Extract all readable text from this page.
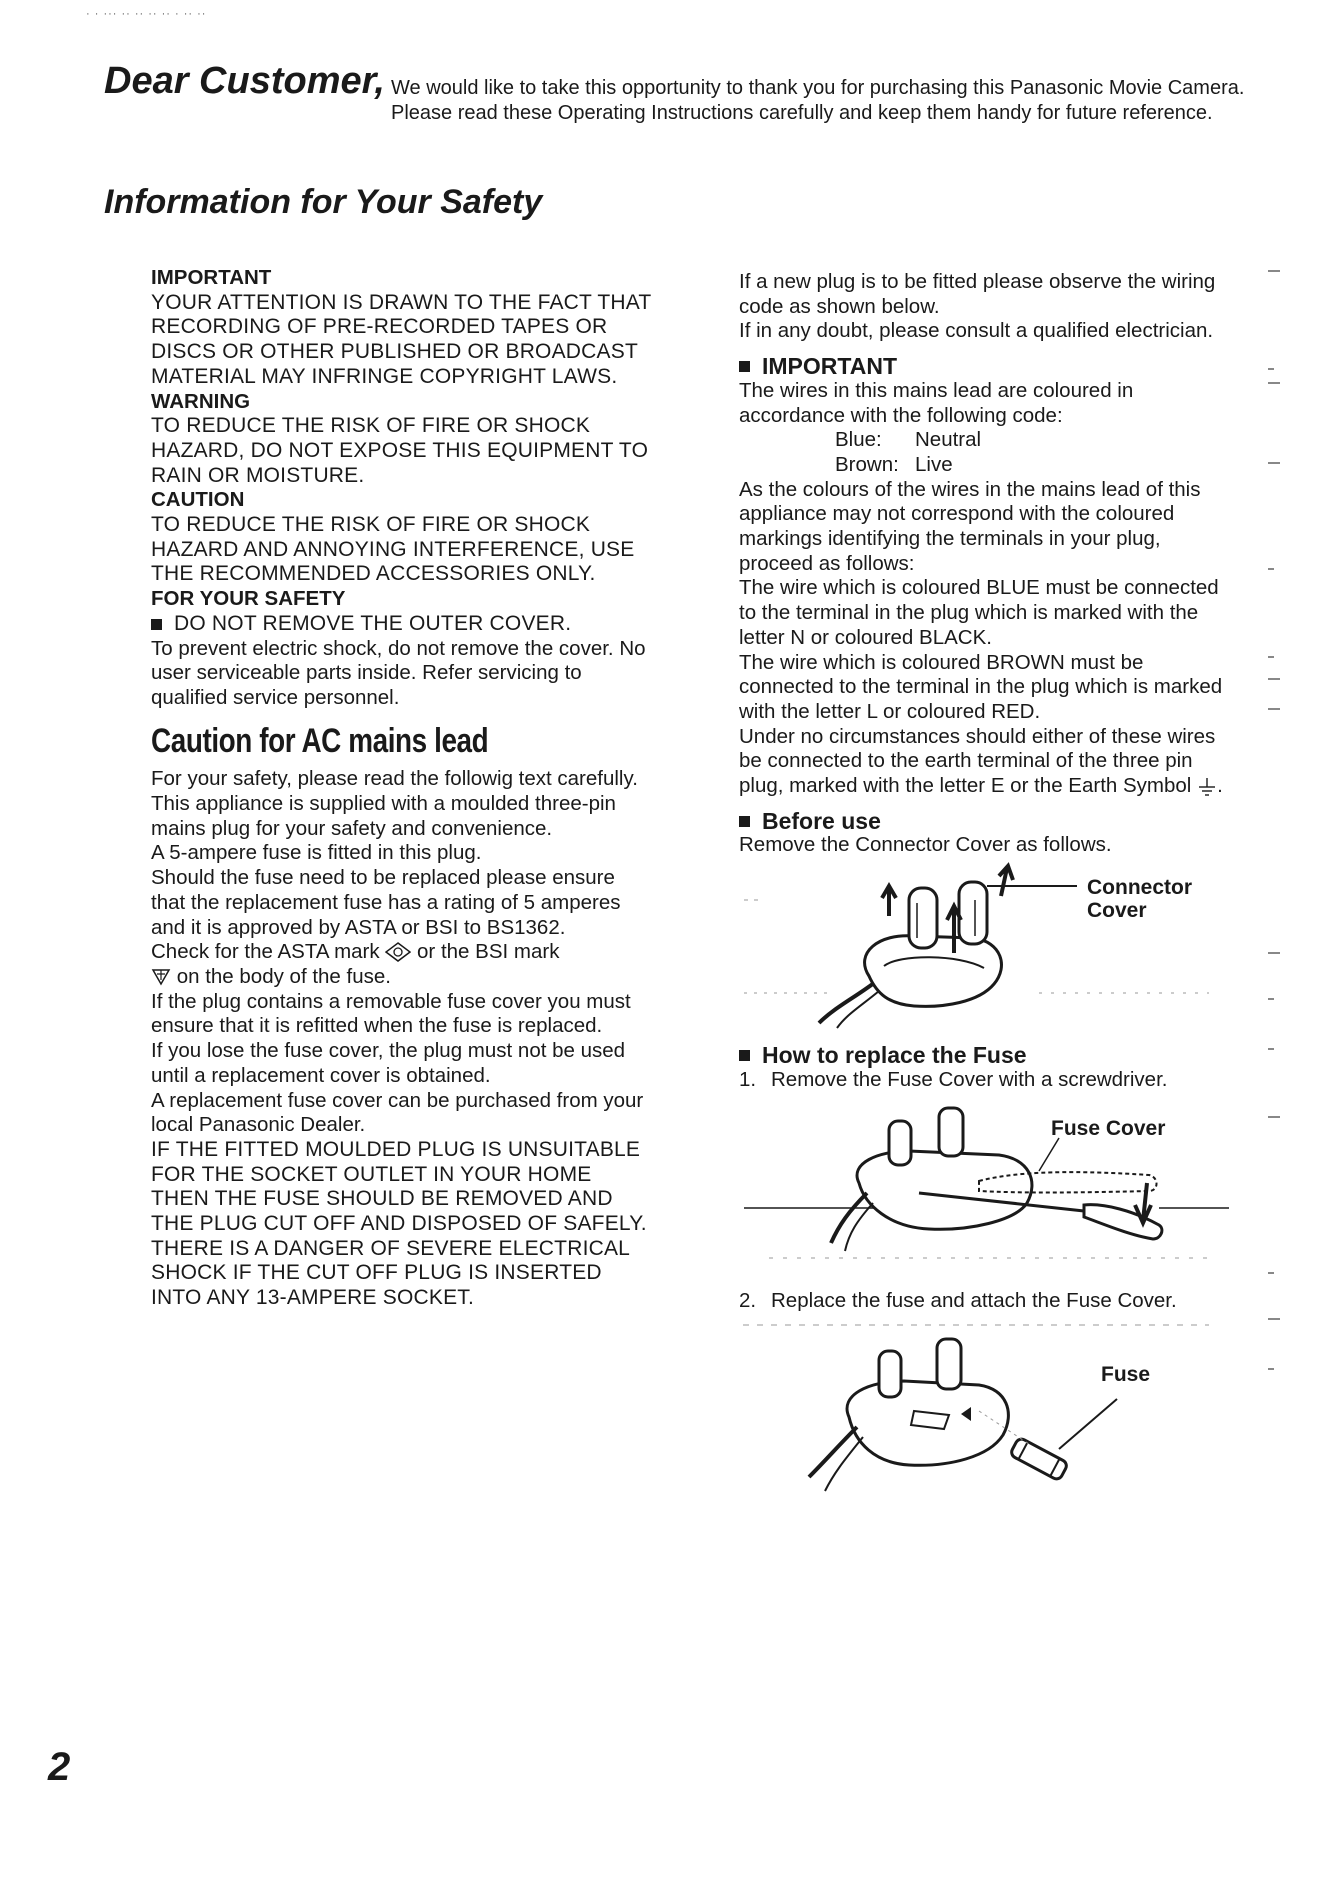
· · ··· ·· ·· ·· ·· · ·· ··
Dear Customer, We would like to take this opportunity to thank you for purchasing this Panasonic Movie Camera.

Please read these Operating Instructions carefully and keep them handy for future reference.

Information for Your Safety

IMPORTANT

YOUR ATTENTION IS DRAWN TO THE FACT THAT RECORDING OF PRE-RECORDED TAPES OR DISCS OR OTHER PUBLISHED OR BROADCAST MATERIAL MAY INFRINGE COPYRIGHT LAWS.

WARNING

TO REDUCE THE RISK OF FIRE OR SHOCK HAZARD, DO NOT EXPOSE THIS EQUIPMENT TO RAIN OR MOISTURE.

CAUTION

TO REDUCE THE RISK OF FIRE OR SHOCK HAZARD AND ANNOYING INTERFERENCE, USE THE RECOMMENDED ACCESSORIES ONLY.

FOR YOUR SAFETY

DO NOT REMOVE THE OUTER COVER.

To prevent electric shock, do not remove the cover. No user serviceable parts inside. Refer servicing to qualified service personnel.

Caution for AC mains lead

For your safety, please read the followig text carefully.

This appliance is supplied with a moulded three-pin mains plug for your safety and convenience.

A 5-ampere fuse is fitted in this plug.

Should the fuse need to be replaced please ensure that the replacement fuse has a rating of 5 amperes and it is approved by ASTA or BSI to BS1362.

Check for the ASTA mark or the BSI mark
on the body of the fuse.

If the plug contains a removable fuse cover you must ensure that it is refitted when the fuse is replaced.

If you lose the fuse cover, the plug must not be used until a replacement cover is obtained.

A replacement fuse cover can be purchased from your local Panasonic Dealer.

IF THE FITTED MOULDED PLUG IS UNSUITABLE FOR THE SOCKET OUTLET IN YOUR HOME THEN THE FUSE SHOULD BE REMOVED AND THE PLUG CUT OFF AND DISPOSED OF SAFELY.

THERE IS A DANGER OF SEVERE ELECTRICAL SHOCK IF THE CUT OFF PLUG IS INSERTED INTO ANY 13-AMPERE SOCKET.

If a new plug is to be fitted please observe the wiring code as shown below.

If in any doubt, please consult a qualified electrician.

IMPORTANT

The wires in this mains lead are coloured in accordance with the following code:

Blue: Neutral
Brown: Live

As the colours of the wires in the mains lead of this appliance may not correspond with the coloured markings identifying the terminals in your plug, proceed as follows:

The wire which is coloured BLUE must be connected to the terminal in the plug which is marked with the letter N or coloured BLACK.

The wire which is coloured BROWN must be connected to the terminal in the plug which is marked with the letter L or coloured RED.

Under no circumstances should either of these wires be connected to the earth terminal of the three pin plug, marked with the letter E or the Earth Symbol .

Before use

Remove the Connector Cover as follows.

Connector Cover
How to replace the Fuse

1. Remove the Fuse Cover with a screwdriver.

Fuse Cover

2. Replace the fuse and attach the Fuse Cover.

Fuse
2
